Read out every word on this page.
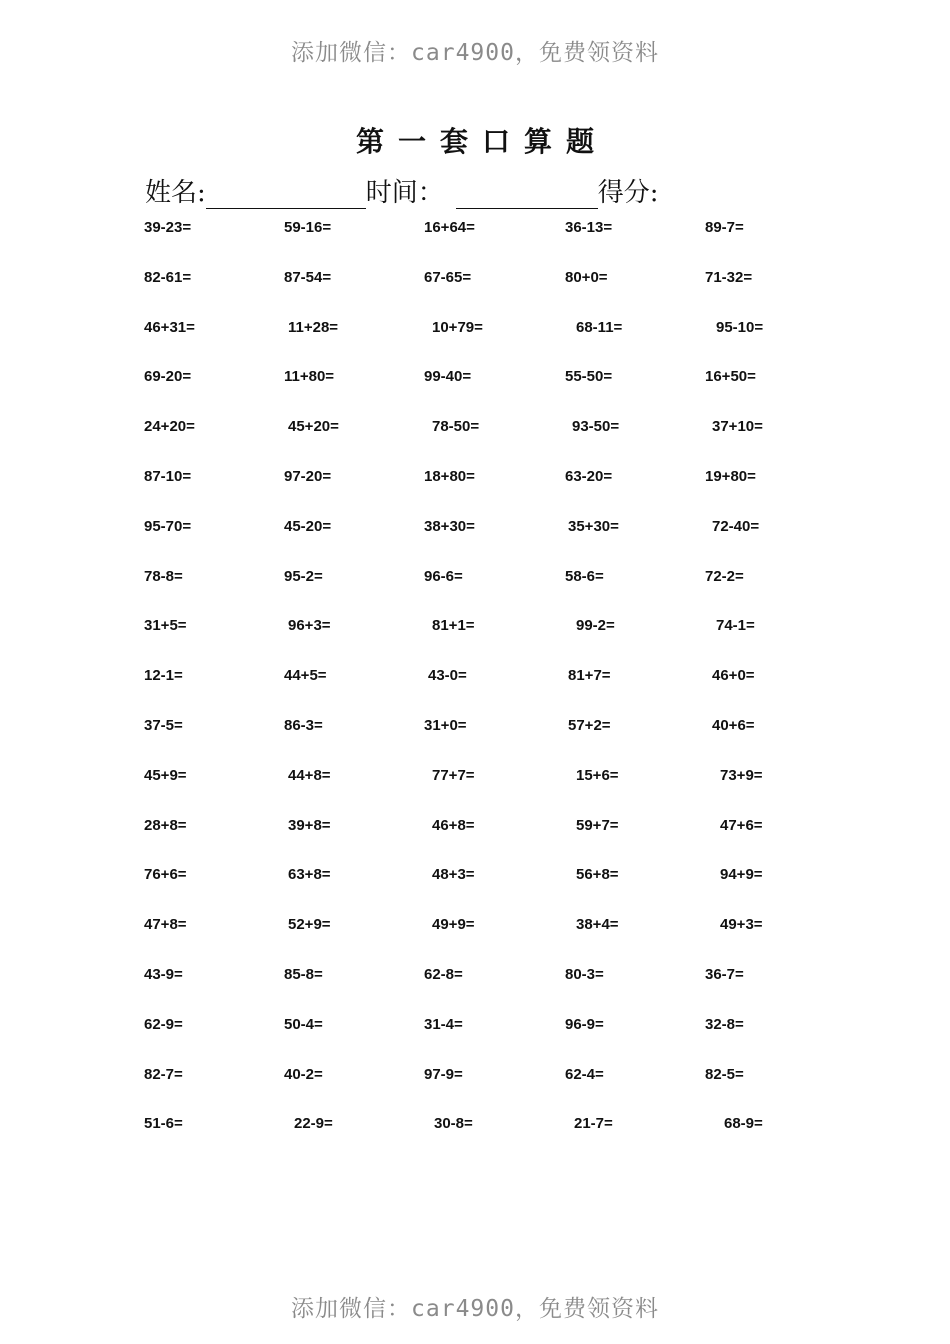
添加微信：car4900，免费领资料
第一套口算题
姓名:	时间：	得分:
39-23=	59-16=	16+64=	36-13=	89-7=
82-61=	87-54=	67-65=	80+0=	71-32=
46+31=	11+28=	10+79=	68-11=	95-10=
69-20=	11+80=	99-40=	55-50=	16+50=
24+20=	45+20=	78-50=	93-50=	37+10=
87-10=	97-20=	18+80=	63-20=	19+80=
95-70=	45-20=	38+30=	35+30=	72-40=
78-8=	95-2=	96-6=	58-6=	72-2=
31+5=	96+3=	81+1=	99-2=	74-1=
12-1=	44+5=	43-0=	81+7=	46+0=
37-5=	86-3=	31+0=	57+2=	40+6=
45+9=	44+8=	77+7=	15+6=	73+9=
28+8=	39+8=	46+8=	59+7=	47+6=
76+6=	63+8=	48+3=	56+8=	94+9=
47+8=	52+9=	49+9=	38+4=	49+3=
43-9=	85-8=	62-8=	80-3=	36-7=
62-9=	50-4=	31-4=	96-9=	32-8=
82-7=	40-2=	97-9=	62-4=	82-5=
51-6=	22-9=	30-8=	21-7=	68-9=
添加微信：car4900，免费领资料
